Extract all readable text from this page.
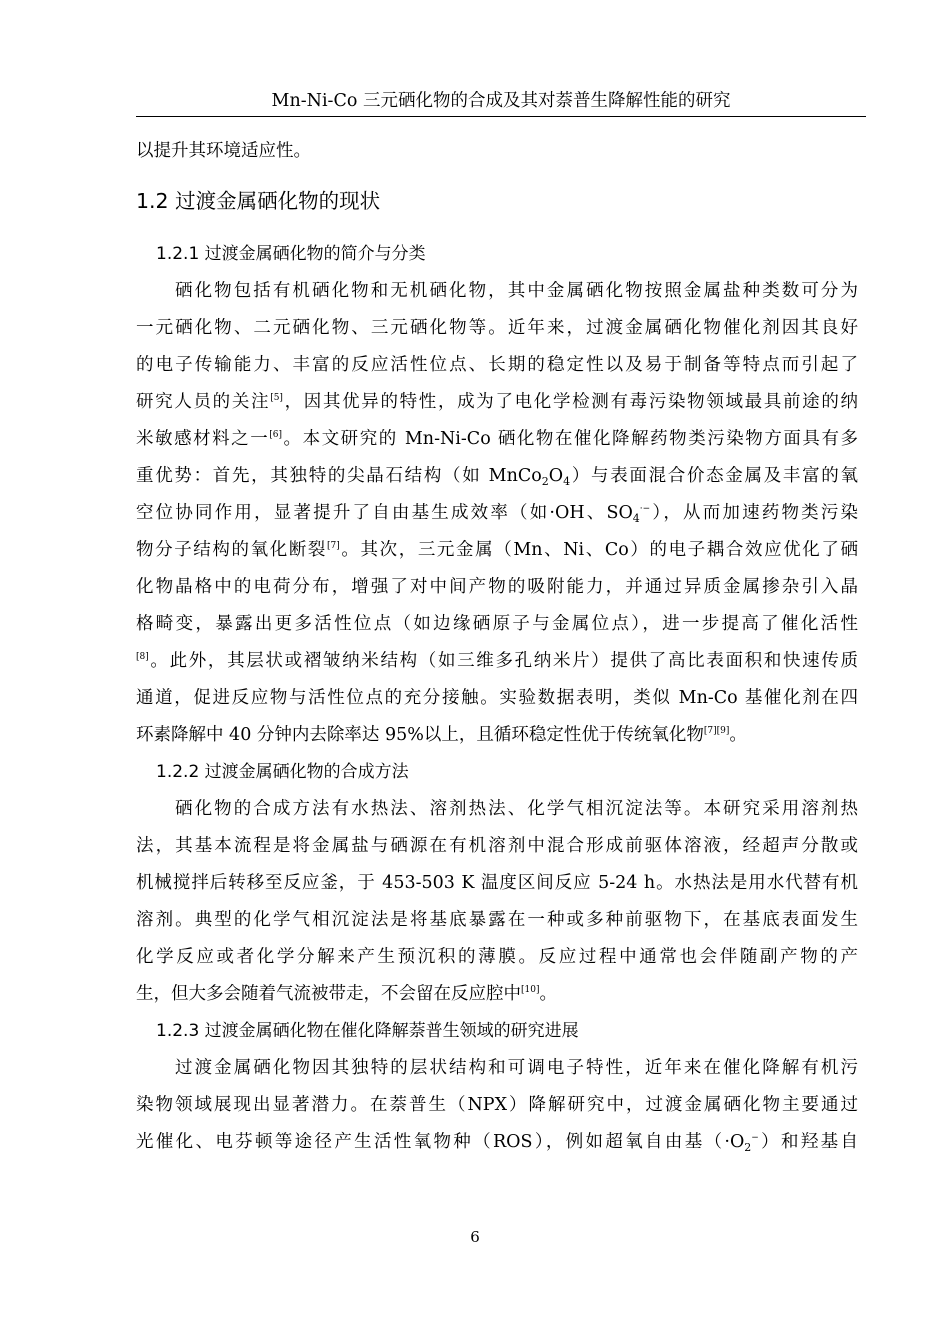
Mn-Ni-Co 三元硒化物的合成及其对萘普生降解性能的研究
以提升其环境适应性。
1.2 过渡金属硒化物的现状
1.2.1 过渡金属硒化物的简介与分类
硒化物包括有机硒化物和无机硒化物，其中金属硒化物按照金属盐种类数可分为
一元硒化物、二元硒化物、三元硒化物等。近年来，过渡金属硒化物催化剂因其良好
的电子传输能力、丰富的反应活性位点、长期的稳定性以及易于制备等特点而引起了
研究人员的关注[5]，因其优异的特性，成为了电化学检测有毒污染物领域最具前途的纳
米敏感材料之一[6]。本文研究的 Mn-Ni-Co 硒化物在催化降解药物类污染物方面具有多
重优势：首先，其独特的尖晶石结构（如 $MnCo_2O_4$）与表面混合价态金属及丰富的氧
空位协同作用，显著提升了自由基生成效率（如·OH、$SO_4^{\cdot-}$），从而加速药物类污染
物分子结构的氧化断裂[7]。其次，三元金属（Mn、Ni、Co）的电子耦合效应优化了硒
化物晶格中的电荷分布，增强了对中间产物的吸附能力，并通过异质金属掺杂引入晶
格畸变，暴露出更多活性位点（如边缘硒原子与金属位点），进一步提高了催化活性
[8]。此外，其层状或褶皱纳米结构（如三维多孔纳米片）提供了高比表面积和快速传质
通道，促进反应物与活性位点的充分接触。实验数据表明，类似 Mn-Co 基催化剂在四
环素降解中 40 分钟内去除率达 95%以上，且循环稳定性优于传统氧化物[7][9]。
1.2.2 过渡金属硒化物的合成方法
硒化物的合成方法有水热法、溶剂热法、化学气相沉淀法等。本研究采用溶剂热
法，其基本流程是将金属盐与硒源在有机溶剂中混合形成前驱体溶液，经超声分散或
机械搅拌后转移至反应釜，于 453-503 K 温度区间反应 5-24 h。水热法是用水代替有机
溶剂。典型的化学气相沉淀法是将基底暴露在一种或多种前驱物下，在基底表面发生
化学反应或者化学分解来产生预沉积的薄膜。反应过程中通常也会伴随副产物的产
生，但大多会随着气流被带走，不会留在反应腔中[10]。
1.2.3 过渡金属硒化物在催化降解萘普生领域的研究进展
过渡金属硒化物因其独特的层状结构和可调电子特性，近年来在催化降解有机污
染物领域展现出显著潜力。在萘普生（NPX）降解研究中，过渡金属硒化物主要通过
光催化、电芬顿等途径产生活性氧物种（ROS），例如超氧自由基$(\cdot O_2^-)$和羟基自
6
